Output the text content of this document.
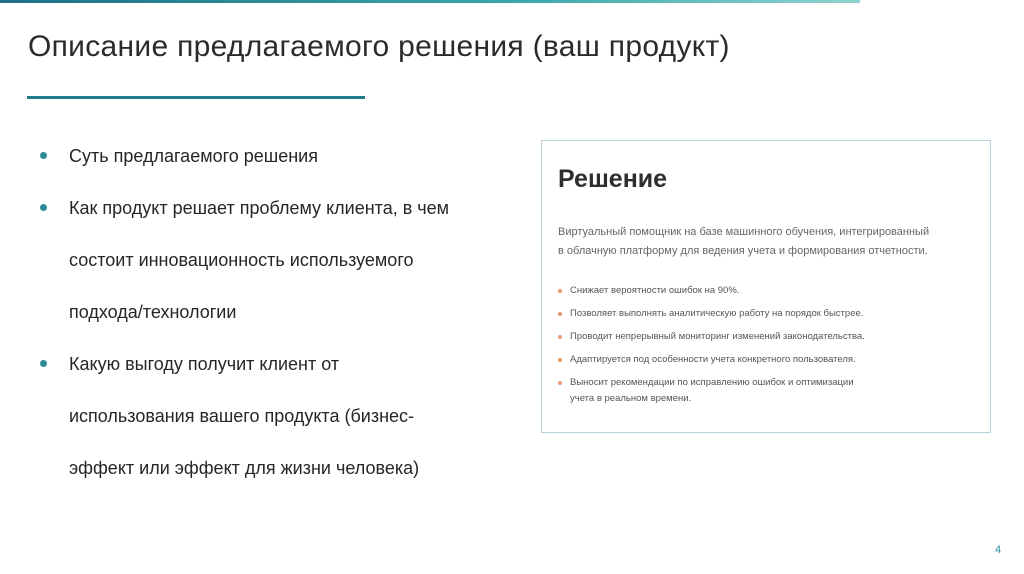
Описание предлагаемого решения (ваш продукт)
Суть предлагаемого решения
Как продукт решает проблему клиента, в чем
состоит инновационность используемого
подхода/технологии
Какую выгоду получит клиент от
использования вашего продукта (бизнес-
эффект или эффект для жизни человека)
Решение
Виртуальный помощник на базе машинного обучения, интегрированный
в облачную платформу для ведения учета и формирования отчетности.
Снижает вероятности ошибок на 90%.
Позволяет выполнять аналитическую работу на порядок быстрее.
Проводит непрерывный мониторинг изменений законодательства.
Адаптируется под особенности учета конкретного пользователя.
Выносит рекомендации по исправлению ошибок и оптимизации
учета в реальном времени.
4
